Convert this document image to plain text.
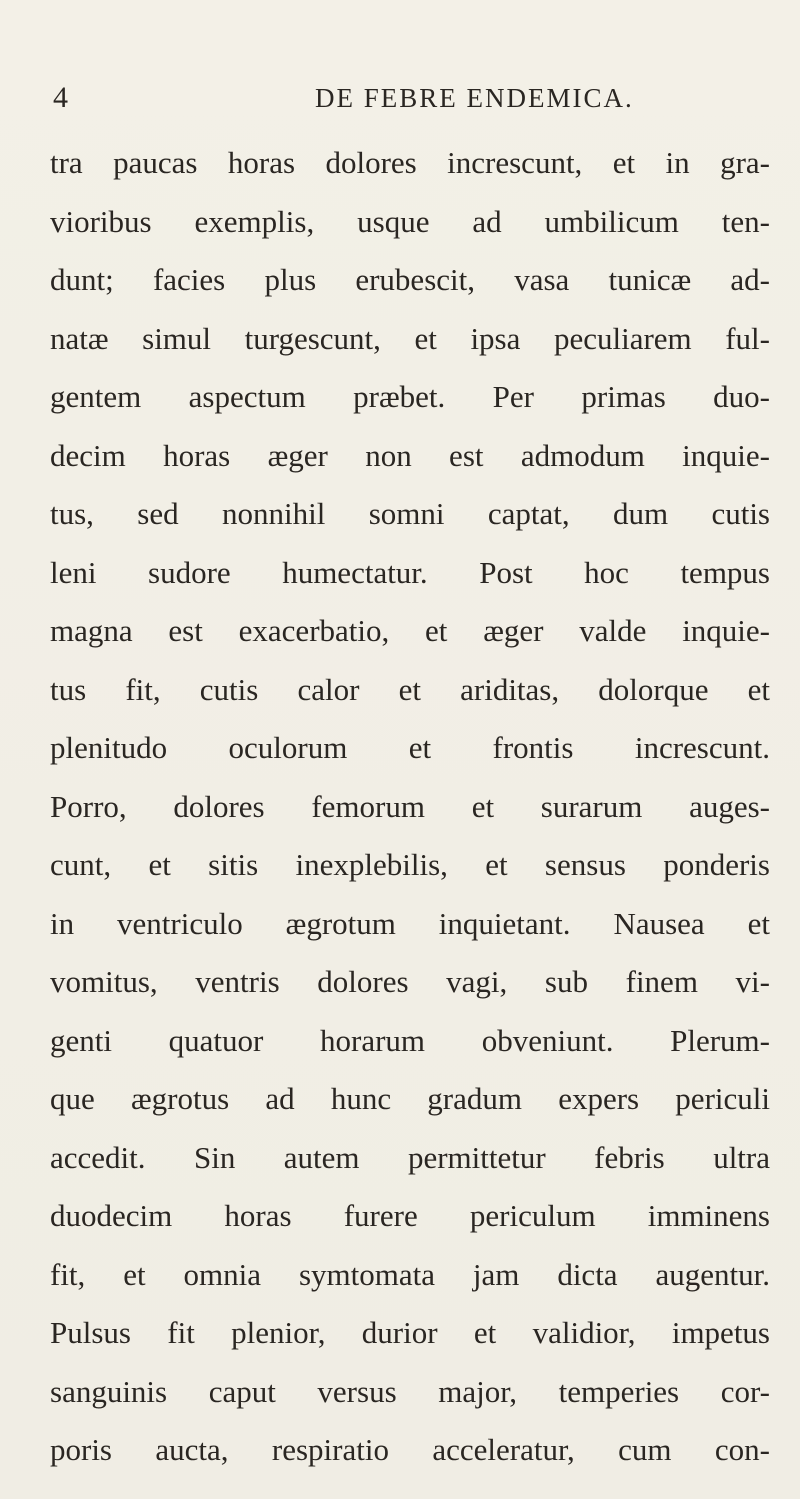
4	DE FEBRE ENDEMICA.
tra paucas horas dolores increscunt, et in gra-
vioribus exemplis, usque ad umbilicum ten-
dunt; facies plus erubescit, vasa tunicæ ad-
natæ simul turgescunt, et ipsa peculiarem ful-
gentem aspectum præbet. Per primas duo-
decim horas æger non est admodum inquie-
tus, sed nonnihil somni captat, dum cutis
leni sudore humectatur. Post hoc tempus
magna est exacerbatio, et æger valde inquie-
tus fit, cutis calor et ariditas, dolorque et
plenitudo oculorum et frontis increscunt.
Porro, dolores femorum et surarum auges-
cunt, et sitis inexplebilis, et sensus ponderis
in ventriculo ægrotum inquietant. Nausea et
vomitus, ventris dolores vagi, sub finem vi-
genti quatuor horarum obveniunt. Plerum-
que ægrotus ad hunc gradum expers periculi
accedit. Sin autem permittetur febris ultra
duodecim horas furere periculum imminens
fit, et omnia symtomata jam dicta augentur.
Pulsus fit plenior, durior et validior, impetus
sanguinis caput versus major, temperies cor-
poris aucta, respiratio acceleratur, cum con-
